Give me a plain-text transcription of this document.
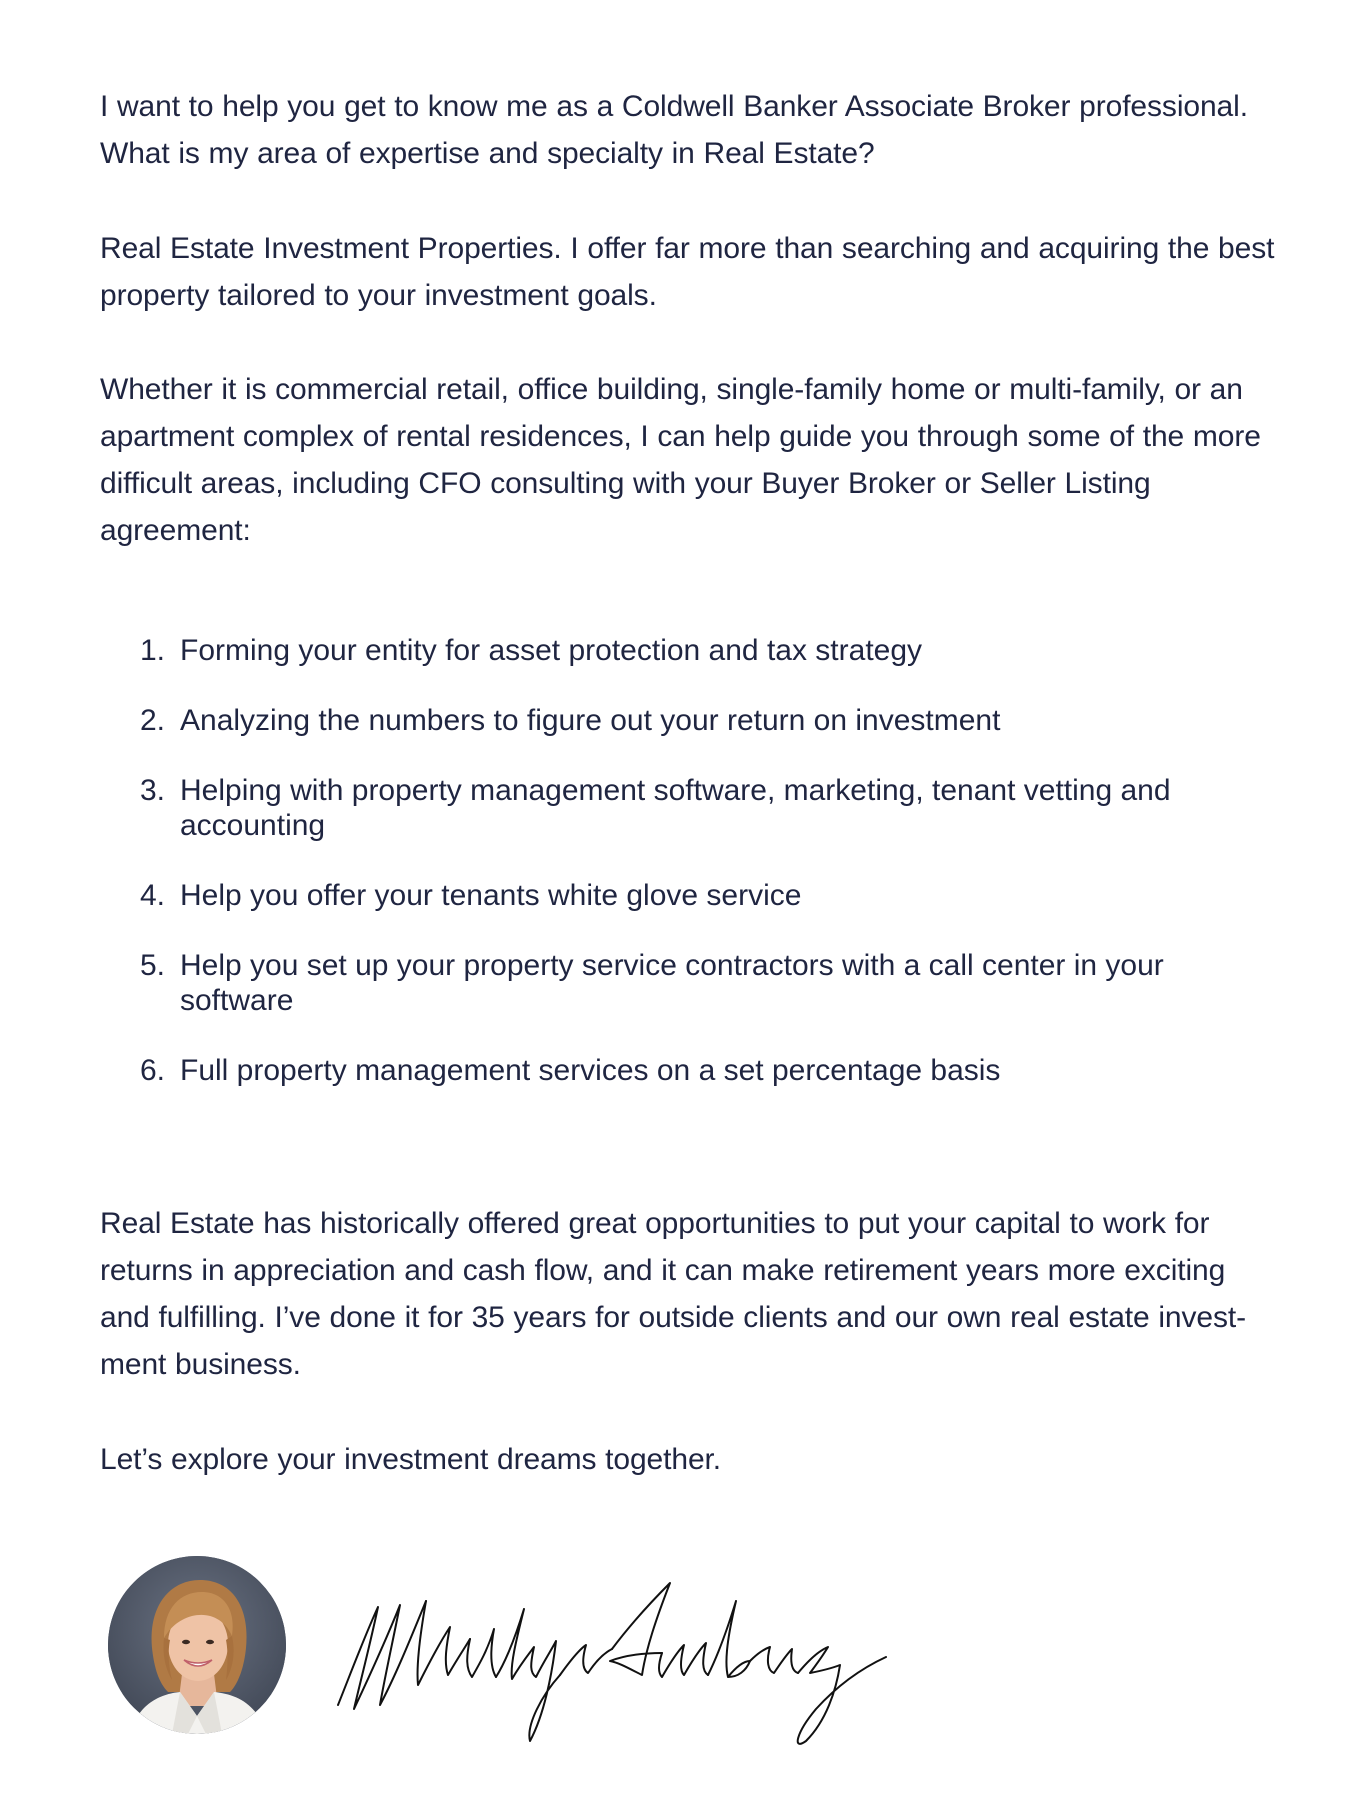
I want to help you get to know me as a Coldwell Banker Associate Broker professional. What is my area of expertise and specialty in Real Estate?

Real Estate Investment Properties. I offer far more than searching and acquiring the best property tailored to your investment goals.

Whether it is commercial retail, office building, single-family home or multi-family, or an apartment complex of rental residences, I can help guide you through some of the more difficult areas, including CFO consulting with your Buyer Broker or Seller Listing agreement:

1. Forming your entity for asset protection and tax strategy
2. Analyzing the numbers to figure out your return on investment
3. Helping with property management software, marketing, tenant vetting and accounting
4. Help you offer your tenants white glove service
5. Help you set up your property service contractors with a call center in your software
6. Full property management services on a set percentage basis

Real Estate has historically offered great opportunities to put your capital to work for returns in appreciation and cash flow, and it can make retirement years more exciting and fulfilling. I’ve done it for 35 years for outside clients and our own real estate invest-ment business.

Let’s explore your investment dreams together.
